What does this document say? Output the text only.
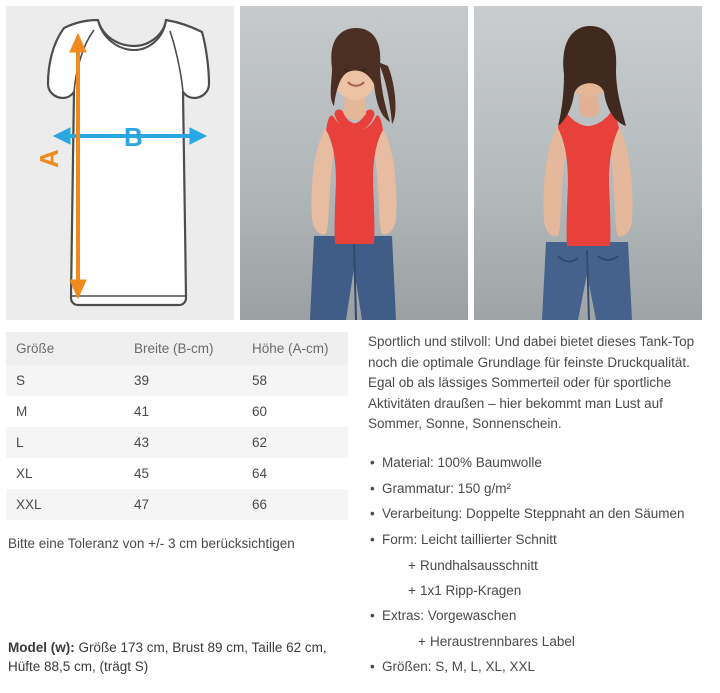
B
A
Größe	Breite (B-cm)	Höhe (A-cm)
S	39	58
M	41	60
L	43	62
XL	45	64
XXL	47	66
Bitte eine Toleranz von +/- 3 cm berücksichtigen

Sportlich und stilvoll: Und dabei bietet dieses Tank-Top noch die optimale Grundlage für feinste Druckqualität. Egal ob als lässiges Sommerteil oder für sportliche Aktivitäten draußen – hier bekommt man Lust auf Sommer, Sonne, Sonnenschein.

• Material: 100% Baumwolle
• Grammatur: 150 g/m²
• Verarbeitung: Doppelte Steppnaht an den Säumen
• Form: Leicht taillierter Schnitt
+ Rundhalsausschnitt
+ 1x1 Ripp-Kragen
• Extras: Vorgewaschen
+ Heraustrennbares Label
• Größen: S, M, L, XL, XXL
Model (w): Größe 173 cm, Brust 89 cm, Taille 62 cm,
Hüfte 88,5 cm, (trägt S)
